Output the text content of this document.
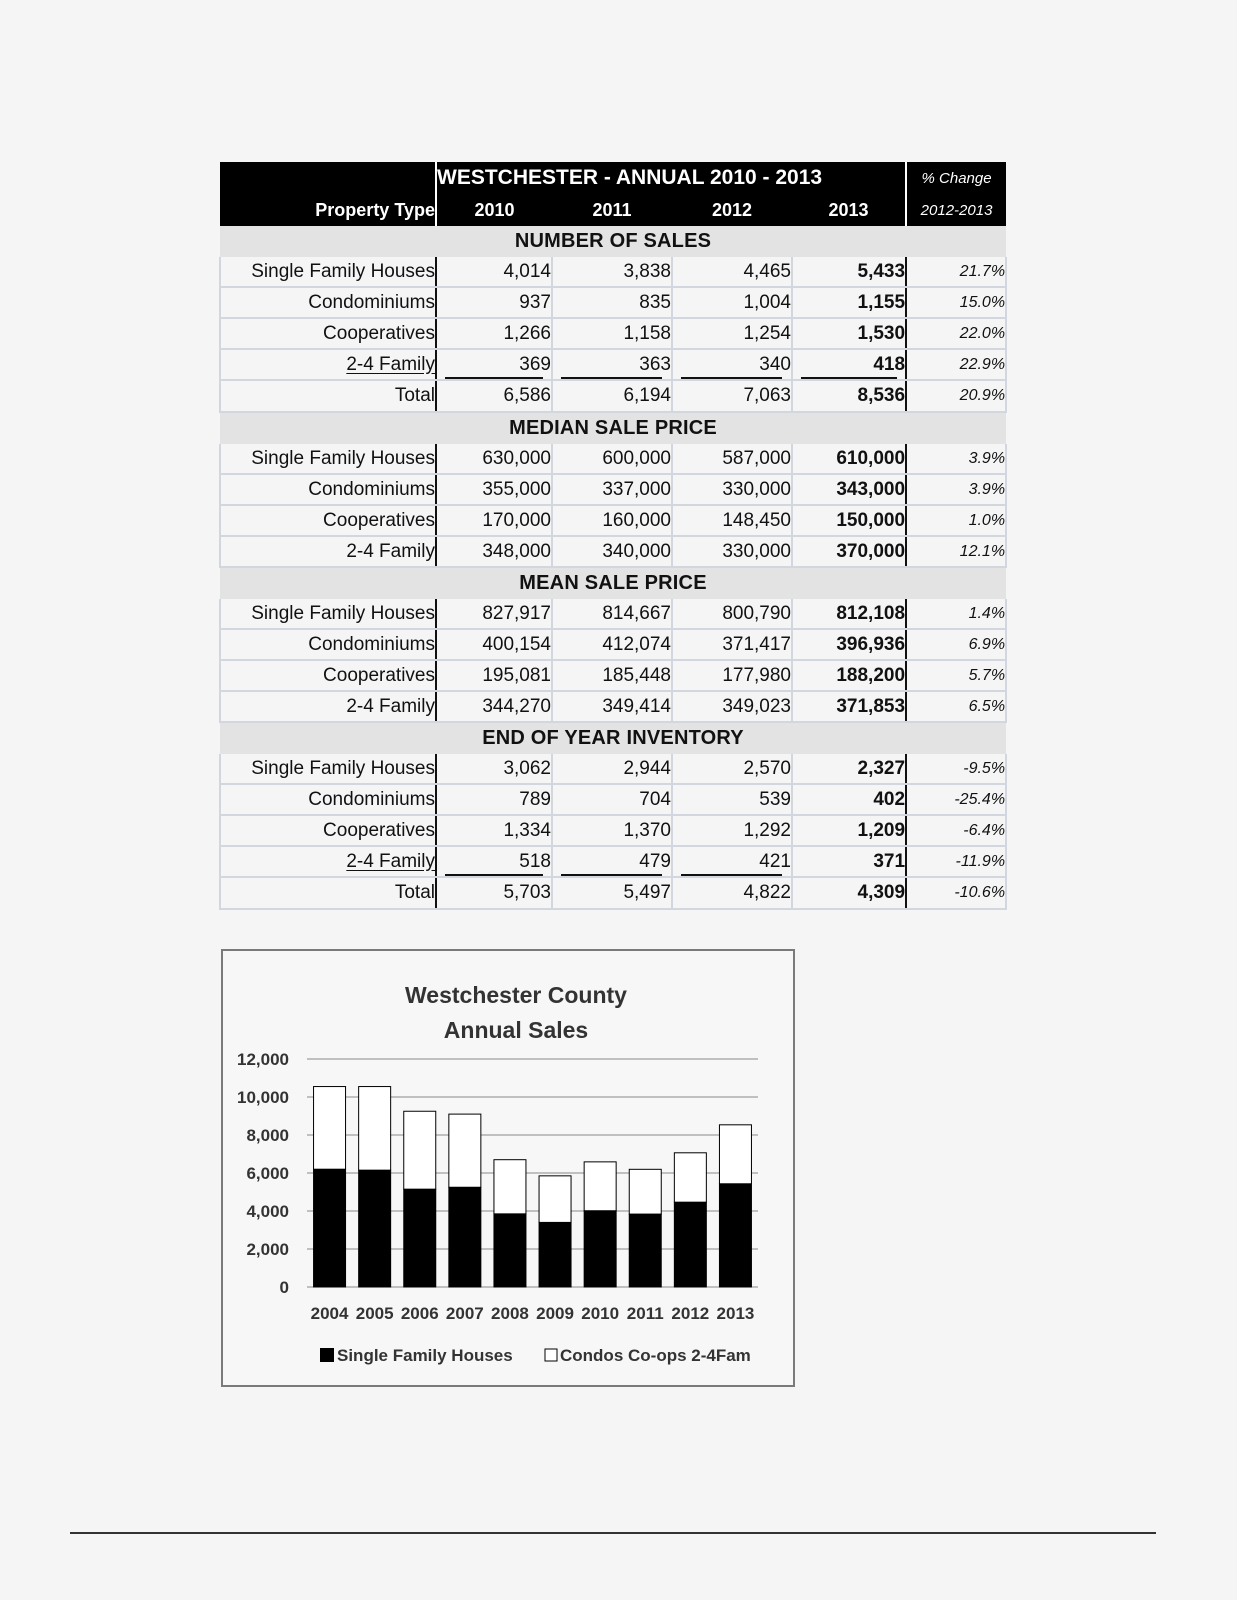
	WESTCHESTER - ANNUAL 2010 - 2013				% Change
Property Type	2010	2011	2012	2013	2012-2013
NUMBER OF SALES					
Single Family Houses	4,014	3,838	4,465	5,433	21.7%
Condominiums	937	835	1,004	1,155	15.0%
Cooperatives	1,266	1,158	1,254	1,530	22.0%
2-4 Family	369	363	340	418	22.9%
Total	6,586	6,194	7,063	8,536	20.9%
MEDIAN SALE PRICE					
Single Family Houses	630,000	600,000	587,000	610,000	3.9%
Condominiums	355,000	337,000	330,000	343,000	3.9%
Cooperatives	170,000	160,000	148,450	150,000	1.0%
2-4 Family	348,000	340,000	330,000	370,000	12.1%
MEAN SALE PRICE					
Single Family Houses	827,917	814,667	800,790	812,108	1.4%
Condominiums	400,154	412,074	371,417	396,936	6.9%
Cooperatives	195,081	185,448	177,980	188,200	5.7%
2-4 Family	344,270	349,414	349,023	371,853	6.5%
END OF YEAR INVENTORY					
Single Family Houses	3,062	2,944	2,570	2,327	-9.5%
Condominiums	789	704	539	402	-25.4%
Cooperatives	1,334	1,370	1,292	1,209	-6.4%
2-4 Family	518	479	421	371	-11.9%
Total	5,703	5,497	4,822	4,309	-10.6%
Westchester County
Annual Sales
0
2,000
4,000
6,000
8,000
10,000
12,000
2004 2005 2006 2007 2008 2009 2010 2011 2012 2013
Single Family Houses	Condos Co-ops 2-4Fam
